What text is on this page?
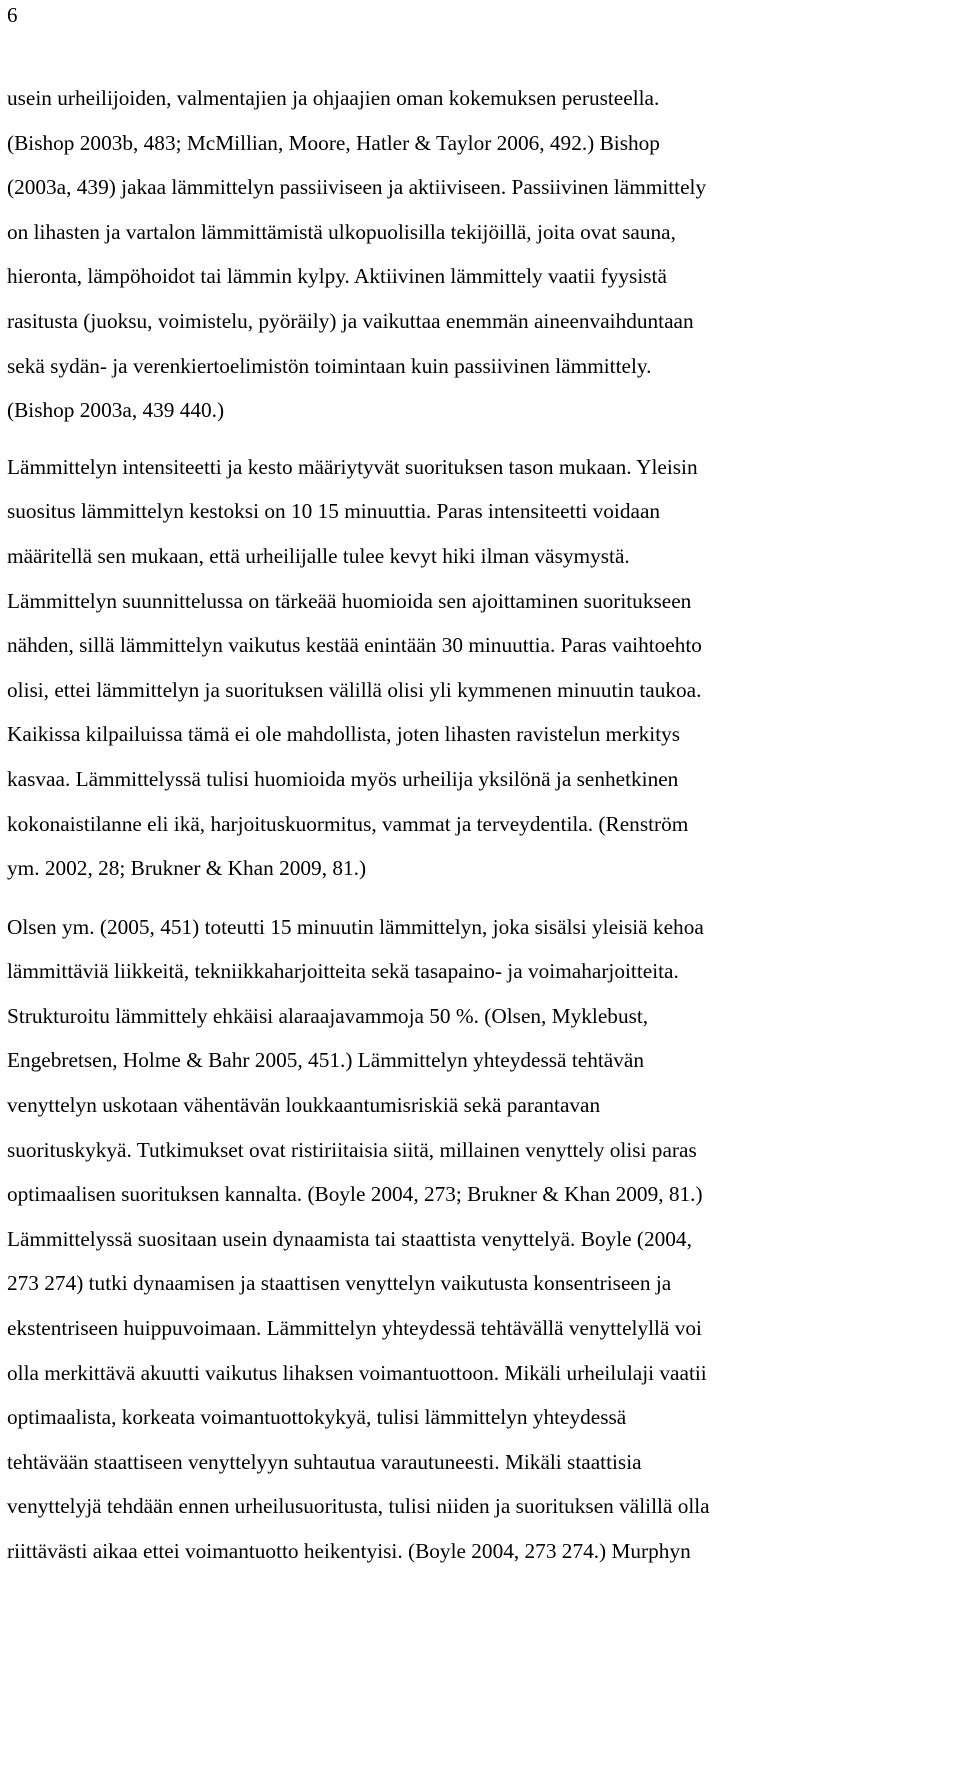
6
usein urheilijoiden, valmentajien ja ohjaajien oman kokemuksen perusteella.
(Bishop 2003b, 483; McMillian, Moore, Hatler & Taylor 2006, 492.) Bishop
(2003a, 439) jakaa lämmittelyn passiiviseen ja aktiiviseen. Passiivinen lämmittely
on lihasten ja vartalon lämmittämistä ulkopuolisilla tekijöillä, joita ovat sauna,
hieronta, lämpöhoidot tai lämmin kylpy. Aktiivinen lämmittely vaatii fyysistä
rasitusta (juoksu, voimistelu, pyöräily) ja vaikuttaa enemmän aineenvaihduntaan
sekä sydän- ja verenkiertoelimistön toimintaan kuin passiivinen lämmittely.
(Bishop 2003a, 439 440.)
Lämmittelyn intensiteetti ja kesto määriytyvät suorituksen tason mukaan. Yleisin
suositus lämmittelyn kestoksi on 10 15 minuuttia. Paras intensiteetti voidaan
määritellä sen mukaan, että urheilijalle tulee kevyt hiki ilman väsymystä.
Lämmittelyn suunnittelussa on tärkeää huomioida sen ajoittaminen suoritukseen
nähden, sillä lämmittelyn vaikutus kestää enintään 30 minuuttia. Paras vaihtoehto
olisi, ettei lämmittelyn ja suorituksen välillä olisi yli kymmenen minuutin taukoa.
Kaikissa kilpailuissa tämä ei ole mahdollista, joten lihasten ravistelun merkitys
kasvaa. Lämmittelyssä tulisi huomioida myös urheilija yksilönä ja senhetkinen
kokonaistilanne eli ikä, harjoituskuormitus, vammat ja terveydentila. (Renström
ym. 2002, 28; Brukner & Khan 2009, 81.)
Olsen ym. (2005, 451) toteutti 15 minuutin lämmittelyn, joka sisälsi yleisiä kehoa
lämmittäviä liikkeitä, tekniikkaharjoitteita sekä tasapaino- ja voimaharjoitteita.
Strukturoitu lämmittely ehkäisi alaraajavammoja 50 %. (Olsen, Myklebust,
Engebretsen, Holme & Bahr 2005, 451.) Lämmittelyn yhteydessä tehtävän
venyttelyn uskotaan vähentävän loukkaantumisriskiä sekä parantavan
suorituskykyä. Tutkimukset ovat ristiriitaisia siitä, millainen venyttely olisi paras
optimaalisen suorituksen kannalta. (Boyle 2004, 273; Brukner & Khan 2009, 81.)
Lämmittelyssä suositaan usein dynaamista tai staattista venyttelyä. Boyle (2004,
273 274) tutki dynaamisen ja staattisen venyttelyn vaikutusta konsentriseen ja
ekstentriseen huippuvoimaan. Lämmittelyn yhteydessä tehtävällä venyttelyllä voi
olla merkittävä akuutti vaikutus lihaksen voimantuottoon. Mikäli urheilulaji vaatii
optimaalista, korkeata voimantuottokykyä, tulisi lämmittelyn yhteydessä
tehtävään staattiseen venyttelyyn suhtautua varautuneesti. Mikäli staattisia
venyttelyjä tehdään ennen urheilusuoritusta, tulisi niiden ja suorituksen välillä olla
riittävästi aikaa ettei voimantuotto heikentyisi. (Boyle 2004, 273 274.) Murphyn
